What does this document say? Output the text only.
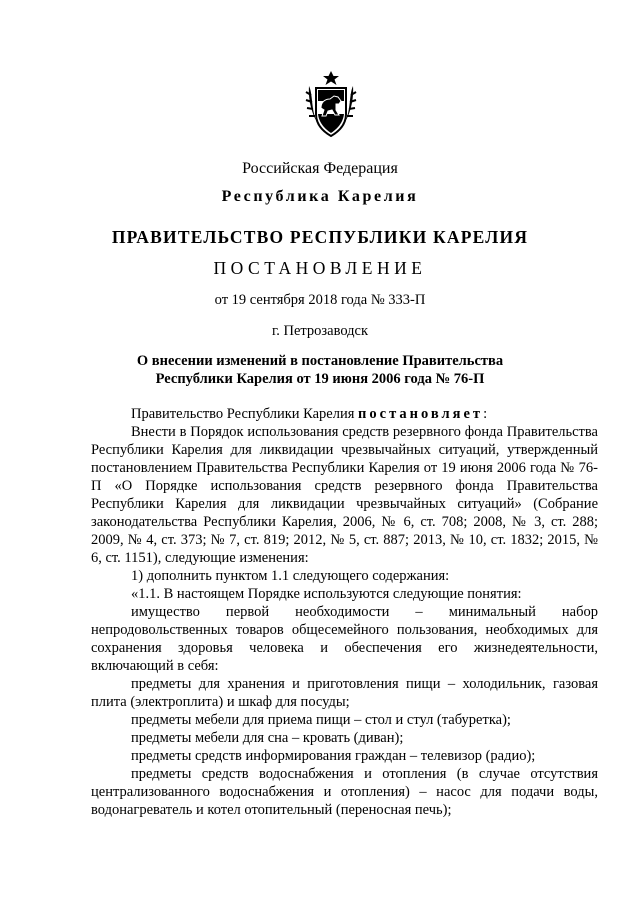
Российская Федерация
Республика Карелия
ПРАВИТЕЛЬСТВО РЕСПУБЛИКИ КАРЕЛИЯ
ПОСТАНОВЛЕНИЕ
от 19 сентября 2018 года № 333-П
г. Петрозаводск
О внесении изменений в постановление Правительства
Республики Карелия от 19 июня 2006 года № 76-П

Правительство Республики Карелия постановляет:

Внести в Порядок использования средств резервного фонда Правительства Республики Карелия для ликвидации чрезвычайных ситуаций, утвержденный постановлением Правительства Республики Карелия от 19 июня 2006 года № 76-П «О Порядке использования средств резервного фонда Правительства Республики Карелия для ликвидации чрезвычайных ситуаций» (Собрание законодательства Республики Карелия, 2006, № 6, ст. 708; 2008, № 3, ст. 288; 2009, № 4, ст. 373; № 7, ст. 819; 2012, № 5, ст. 887; 2013, № 10, ст. 1832; 2015, № 6, ст. 1151), следующие изменения:

1) дополнить пунктом 1.1 следующего содержания:

«1.1. В настоящем Порядке используются следующие понятия:

имущество первой необходимости – минимальный набор непродовольственных товаров общесемейного пользования, необходимых для сохранения здоровья человека и обеспечения его жизнедеятельности, включающий в себя:

предметы для хранения и приготовления пищи – холодильник, газовая плита (электроплита) и шкаф для посуды;

предметы мебели для приема пищи – стол и стул (табуретка);

предметы мебели для сна – кровать (диван);

предметы средств информирования граждан – телевизор (радио);

предметы средств водоснабжения и отопления (в случае отсутствия централизованного водоснабжения и отопления) – насос для подачи воды, водонагреватель и котел отопительный (переносная печь);
